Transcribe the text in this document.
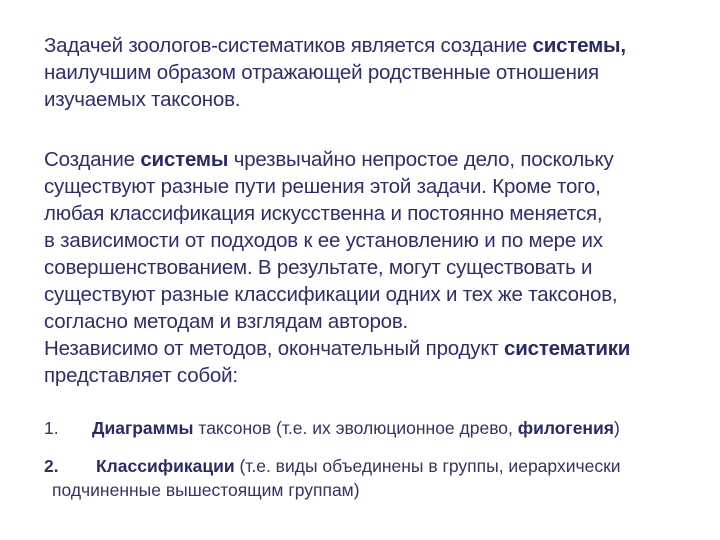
Задачей зоологов-систематиков является создание системы,
наилучшим образом отражающей родственные отношения
изучаемых таксонов.
Создание системы чрезвычайно непростое дело, поскольку
существуют разные пути решения этой задачи. Кроме того,
любая классификация искусственна и постоянно меняется,
в зависимости от подходов к ее установлению и по мере их
совершенствованием. В результате, могут существовать и
существуют разные классификации одних и тех же таксонов,
согласно методам и взглядам авторов.
Независимо от методов, окончательный продукт систематики
представляет собой:
1. Диаграммы таксонов (т.е. их эволюционное древо, филогения)
2. Классификации (т.е. виды объединены в группы, иерархически
подчиненные вышестоящим группам)
